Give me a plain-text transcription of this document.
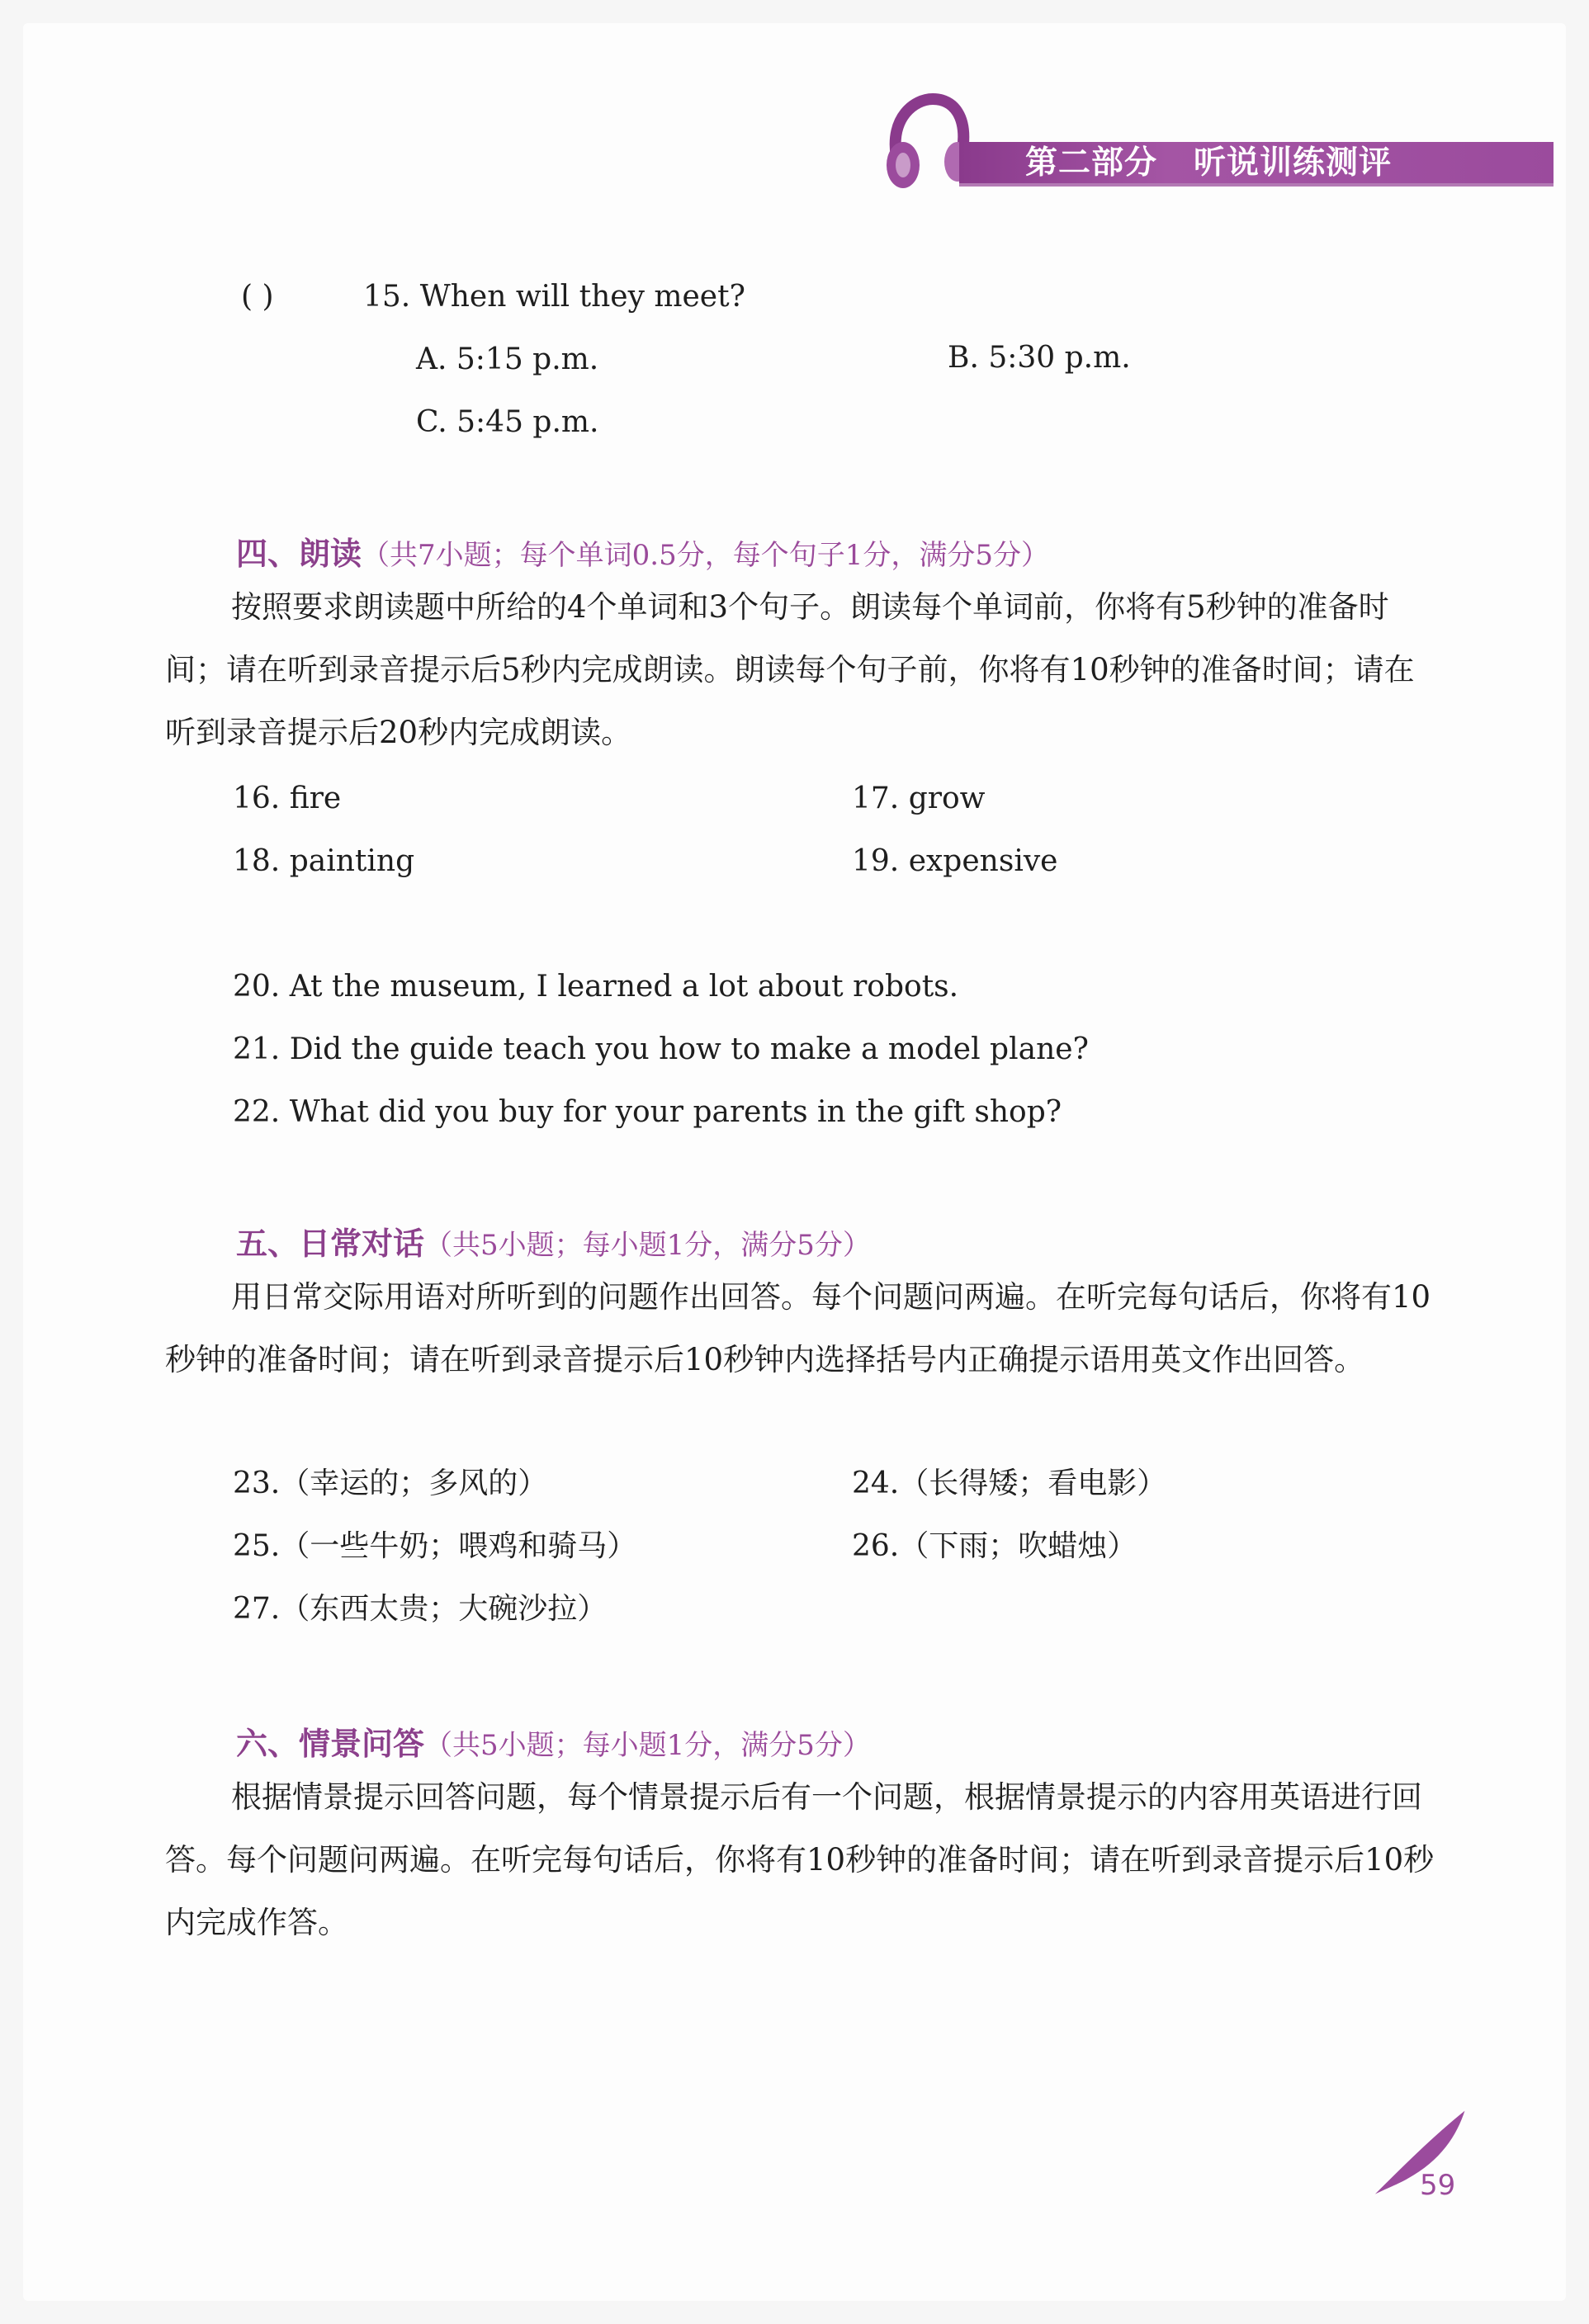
第二部分 听说训练测评
( )	15. When will they meet?
A. 5:15 p.m.	B. 5:30 p.m.
C. 5:45 p.m.
四、朗读（共7小题；每个单词0.5分，每个句子1分，满分5分）
按照要求朗读题中所给的4个单词和3个句子。朗读每个单词前，你将有5秒钟的准备时间；请在听到录音提示后5秒内完成朗读。朗读每个句子前，你将有10秒钟的准备时间；请在听到录音提示后20秒内完成朗读。
16. fire	17. grow
18. painting	19. expensive
20. At the museum, I learned a lot about robots.
21. Did the guide teach you how to make a model plane?
22. What did you buy for your parents in the gift shop?
五、日常对话（共5小题；每小题1分，满分5分）
用日常交际用语对所听到的问题作出回答。每个问题问两遍。在听完每句话后，你将有10秒钟的准备时间；请在听到录音提示后10秒钟内选择括号内正确提示语用英文作出回答。
23.（幸运的；多风的）	24.（长得矮；看电影）
25.（一些牛奶；喂鸡和骑马）	26.（下雨；吹蜡烛）
27.（东西太贵；大碗沙拉）
六、情景问答（共5小题；每小题1分，满分5分）
根据情景提示回答问题，每个情景提示后有一个问题，根据情景提示的内容用英语进行回答。每个问题问两遍。在听完每句话后，你将有10秒钟的准备时间；请在听到录音提示后10秒内完成作答。
59
